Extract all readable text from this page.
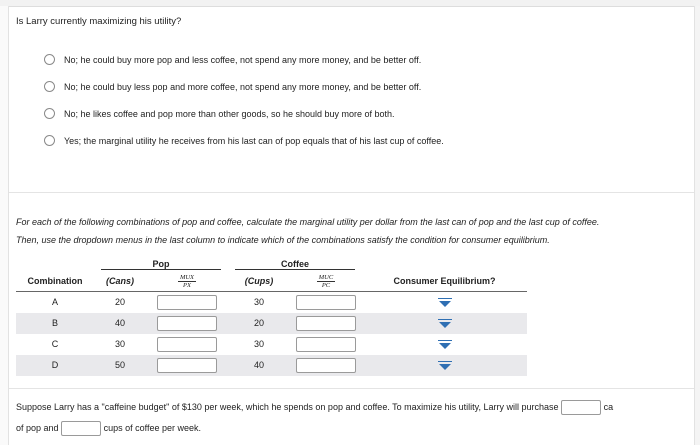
Is Larry currently maximizing his utility?
No; he could buy more pop and less coffee, not spend any more money, and be better off.
No; he could buy less pop and more coffee, not spend any more money, and be better off.
No; he likes coffee and pop more than other goods, so he should buy more of both.
Yes; the marginal utility he receives from his last can of pop equals that of his last cup of coffee.
For each of the following combinations of pop and coffee, calculate the marginal utility per dollar from the last can of pop and the last cup of coffee.
Then, use the dropdown menus in the last column to indicate which of the combinations satisfy the condition for consumer equilibrium.
	Pop		Coffee		
Combination	(Cans)	$\frac{\text{MUX}}{PX}$	(Cups)	$\frac{\text{MUC}}{PC}$	Consumer Equilibrium?
A	20		30		

B	40		20		

C	30		30		

D	50		40		
Suppose Larry has a "caffeine budget" of $130 per week, which he spends on pop and coffee. To maximize his utility, Larry will purchase	ca
of pop and	cups of coffee per week.
